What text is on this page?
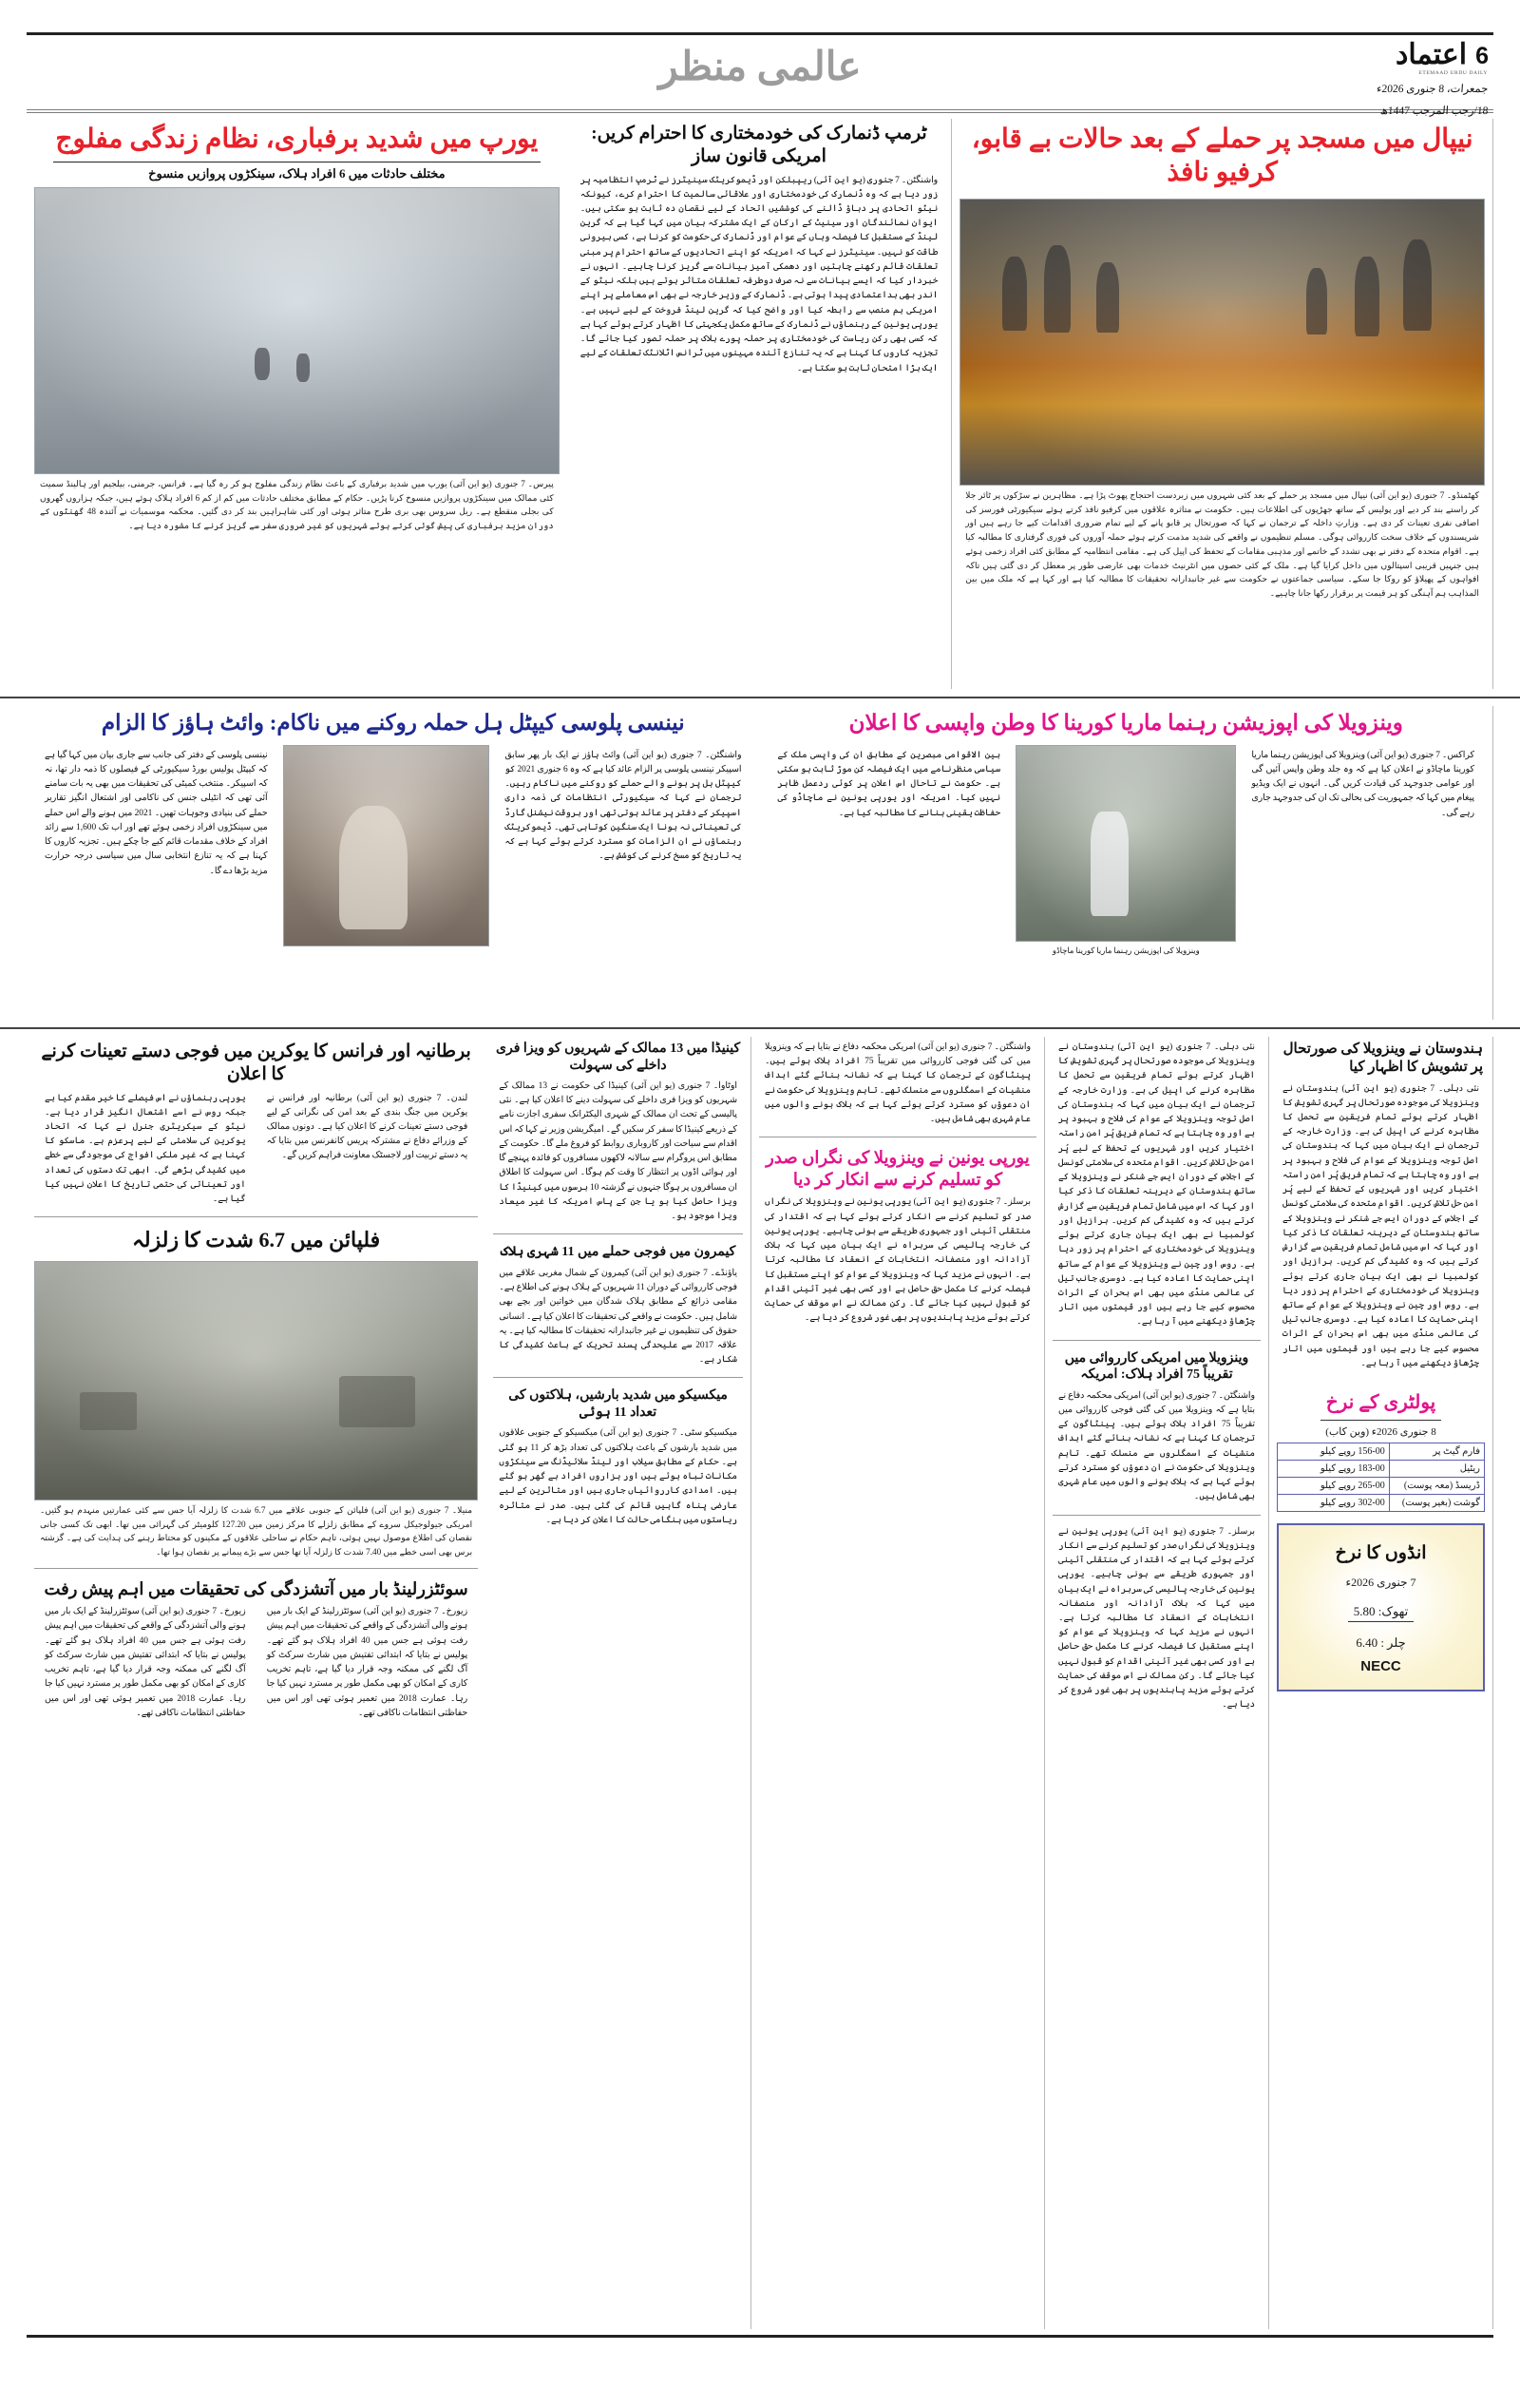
اعتماد 6
ETEMAAD URDU DAILY
جمعرات، 8 جنوری 2026ء
18/رجب المرجب 1447ھ
عالمی منظر
نیپال میں مسجد پر حملے کے بعد حالات بے قابو، کرفیو نافذ
کھٹمنڈو۔ 7 جنوری (یو این آئی) نیپال میں مسجد پر حملے کے بعد کئی شہروں میں زبردست احتجاج پھوٹ پڑا ہے۔ مظاہرین نے سڑکوں پر ٹائر جلا کر راستے بند کر دیے اور پولیس کے ساتھ جھڑپوں کی اطلاعات ہیں۔ حکومت نے متاثرہ علاقوں میں کرفیو نافذ کرتے ہوئے سیکیورٹی فورسز کی اضافی نفری تعینات کر دی ہے۔ وزارتِ داخلہ کے ترجمان نے کہا کہ صورتحال پر قابو پانے کے لیے تمام ضروری اقدامات کیے جا رہے ہیں اور شرپسندوں کے خلاف سخت کارروائی ہوگی۔ مسلم تنظیموں نے واقعے کی شدید مذمت کرتے ہوئے حملہ آوروں کی فوری گرفتاری کا مطالبہ کیا ہے۔ اقوام متحدہ کے دفتر نے بھی تشدد کے خاتمے اور مذہبی مقامات کے تحفظ کی اپیل کی ہے۔ مقامی انتظامیہ کے مطابق کئی افراد زخمی ہوئے ہیں جنہیں قریبی اسپتالوں میں داخل کرایا گیا ہے۔ ملک کے کئی حصوں میں انٹرنیٹ خدمات بھی عارضی طور پر معطل کر دی گئی ہیں تاکہ افواہوں کے پھیلاؤ کو روکا جا سکے۔ سیاسی جماعتوں نے حکومت سے غیر جانبدارانہ تحقیقات کا مطالبہ کیا ہے اور کہا ہے کہ ملک میں بین المذاہب ہم آہنگی کو ہر قیمت پر برقرار رکھا جانا چاہیے۔
ٹرمپ ڈنمارک کی خودمختاری کا احترام کریں: امریکی قانون ساز
واشنگٹن۔ 7 جنوری (یو این آئی) ریپبلکن اور ڈیموکریٹک سینیٹرز نے ٹرمپ انتظامیہ پر زور دیا ہے کہ وہ ڈنمارک کی خودمختاری اور علاقائی سالمیت کا احترام کرے، کیونکہ نیٹو اتحادی پر دباؤ ڈالنے کی کوششیں اتحاد کے لیے نقصان دہ ثابت ہو سکتی ہیں۔ ایوانِ نمائندگان اور سینیٹ کے ارکان کے ایک مشترکہ بیان میں کہا گیا ہے کہ گرین لینڈ کے مستقبل کا فیصلہ وہاں کے عوام اور ڈنمارک کی حکومت کو کرنا ہے، کسی بیرونی طاقت کو نہیں۔ سینیٹرز نے کہا کہ امریکہ کو اپنے اتحادیوں کے ساتھ احترام پر مبنی تعلقات قائم رکھنے چاہئیں اور دھمکی آمیز بیانات سے گریز کرنا چاہیے۔ انہوں نے خبردار کیا کہ ایسے بیانات سے نہ صرف دوطرفہ تعلقات متاثر ہوتے ہیں بلکہ نیٹو کے اندر بھی بداعتمادی پیدا ہوتی ہے۔ ڈنمارک کے وزیر خارجہ نے بھی اس معاملے پر اپنے امریکی ہم منصب سے رابطہ کیا اور واضح کیا کہ گرین لینڈ فروخت کے لیے نہیں ہے۔ یورپی یونین کے رہنماؤں نے ڈنمارک کے ساتھ مکمل یکجہتی کا اظہار کرتے ہوئے کہا ہے کہ کسی بھی رکن ریاست کی خودمختاری پر حملہ پورے بلاک پر حملہ تصور کیا جائے گا۔ تجزیہ کاروں کا کہنا ہے کہ یہ تنازع آئندہ مہینوں میں ٹرانس اٹلانٹک تعلقات کے لیے ایک بڑا امتحان ثابت ہو سکتا ہے۔
یورپ میں شدید برفباری، نظام زندگی مفلوج
مختلف حادثات میں 6 افراد ہلاک، سینکڑوں پروازیں منسوخ
پیرس۔ 7 جنوری (یو این آئی) یورپ میں شدید برفباری کے باعث نظام زندگی مفلوج ہو کر رہ گیا ہے۔ فرانس، جرمنی، بیلجیم اور ہالینڈ سمیت کئی ممالک میں سینکڑوں پروازیں منسوخ کرنا پڑیں۔ حکام کے مطابق مختلف حادثات میں کم از کم 6 افراد ہلاک ہوئے ہیں، جبکہ ہزاروں گھروں کی بجلی منقطع ہے۔ ریل سروس بھی بری طرح متاثر ہوئی اور کئی شاہراہیں بند کر دی گئیں۔ محکمہ موسمیات نے آئندہ 48 گھنٹوں کے دوران مزید برفباری کی پیش گوئی کرتے ہوئے شہریوں کو غیر ضروری سفر سے گریز کرنے کا مشورہ دیا ہے۔
وینزویلا کی اپوزیشن رہنما ماریا کورینا کا وطن واپسی کا اعلان
کراکس۔ 7 جنوری (یو این آئی) وینزویلا کی اپوزیشن رہنما ماریا کورینا ماچاڈو نے اعلان کیا ہے کہ وہ جلد وطن واپس آئیں گی اور عوامی جدوجہد کی قیادت کریں گی۔ انہوں نے ایک ویڈیو پیغام میں کہا کہ جمہوریت کی بحالی تک ان کی جدوجہد جاری رہے گی۔
وینزویلا کی اپوزیشن رہنما ماریا کورینا ماچاڈو
بین الاقوامی مبصرین کے مطابق ان کی واپسی ملک کے سیاسی منظرنامے میں ایک فیصلہ کن موڑ ثابت ہو سکتی ہے۔ حکومت نے تاحال اس اعلان پر کوئی ردعمل ظاہر نہیں کیا۔ امریکہ اور یورپی یونین نے ماچاڈو کی حفاظت یقینی بنانے کا مطالبہ کیا ہے۔
نینسی پلوسی کیپٹل ہل حملہ روکنے میں ناکام: وائٹ ہاؤز کا الزام
واشنگٹن۔ 7 جنوری (یو این آئی) وائٹ ہاؤز نے ایک بار پھر سابق اسپیکر نینسی پلوسی پر الزام عائد کیا ہے کہ وہ 6 جنوری 2021 کو کیپٹل ہل پر ہونے والے حملے کو روکنے میں ناکام رہیں۔ ترجمان نے کہا کہ سیکیورٹی انتظامات کی ذمہ داری اسپیکر کے دفتر پر عائد ہوتی تھی اور بروقت نیشنل گارڈ کی تعیناتی نہ ہونا ایک سنگین کوتاہی تھی۔ ڈیموکریٹک رہنماؤں نے ان الزامات کو مسترد کرتے ہوئے کہا ہے کہ یہ تاریخ کو مسخ کرنے کی کوشش ہے۔
نینسی پلوسی کے دفتر کی جانب سے جاری بیان میں کہا گیا ہے کہ کیپٹل پولیس بورڈ سیکیورٹی کے فیصلوں کا ذمہ دار تھا، نہ کہ اسپیکر۔ منتخب کمیٹی کی تحقیقات میں بھی یہ بات سامنے آئی تھی کہ انٹیلی جنس کی ناکامی اور اشتعال انگیز تقاریر حملے کی بنیادی وجوہات تھیں۔ 2021 میں ہونے والے اس حملے میں سینکڑوں افراد زخمی ہوئے تھے اور اب تک 1,600 سے زائد افراد کے خلاف مقدمات قائم کیے جا چکے ہیں۔ تجزیہ کاروں کا کہنا ہے کہ یہ تنازع انتخابی سال میں سیاسی درجہ حرارت مزید بڑھا دے گا۔
ہندوستان نے وینزویلا کی صورتحال پر تشویش کا اظہار کیا
نئی دہلی۔ 7 جنوری (یو این آئی) ہندوستان نے وینزویلا کی موجودہ صورتحال پر گہری تشویش کا اظہار کرتے ہوئے تمام فریقین سے تحمل کا مظاہرہ کرنے کی اپیل کی ہے۔ وزارت خارجہ کے ترجمان نے ایک بیان میں کہا کہ ہندوستان کی اصل توجہ وینزویلا کے عوام کی فلاح و بہبود پر ہے اور وہ چاہتا ہے کہ تمام فریق پُر امن راستہ اختیار کریں اور شہریوں کے تحفظ کے لیے پُر امن حل تلاش کریں۔ اقوام متحدہ کی سلامتی کونسل کے اجلاس کے دوران ایس جے شنکر نے وینزویلا کے ساتھ ہندوستان کے دیرینہ تعلقات کا ذکر کیا اور کہا کہ اس میں شامل تمام فریقین سے گزارش کرتے ہیں کہ وہ کشیدگی کم کریں۔ برازیل اور کولمبیا نے بھی ایک بیان جاری کرتے ہوئے وینزویلا کی خودمختاری کے احترام پر زور دیا ہے۔ روس اور چین نے وینزویلا کے عوام کے ساتھ اپنی حمایت کا اعادہ کیا ہے۔ دوسری جانب تیل کی عالمی منڈی میں بھی اس بحران کے اثرات محسوس کیے جا رہے ہیں اور قیمتوں میں اتار چڑھاؤ دیکھنے میں آ رہا ہے۔
پولٹری کے نرخ
8 جنوری 2026ء (وین کاب)
فارم گیٹ پر	156-00 روپے کیلو
ریٹیل	183-00 روپے کیلو
ڈریسڈ (معہ پوست)	265-00 روپے کیلو
گوشت (بغیر پوست)	302-00 روپے کیلو
انڈوں کا نرخ
7 جنوری 2026ء
تھوک: 5.80
چلر : 6.40
NECC
نئی دہلی۔ 7 جنوری (یو این آئی) ہندوستان نے وینزویلا کی موجودہ صورتحال پر گہری تشویش کا اظہار کرتے ہوئے تمام فریقین سے تحمل کا مظاہرہ کرنے کی اپیل کی ہے۔ وزارت خارجہ کے ترجمان نے ایک بیان میں کہا کہ ہندوستان کی اصل توجہ وینزویلا کے عوام کی فلاح و بہبود پر ہے اور وہ چاہتا ہے کہ تمام فریق پُر امن راستہ اختیار کریں اور شہریوں کے تحفظ کے لیے پُر امن حل تلاش کریں۔ اقوام متحدہ کی سلامتی کونسل کے اجلاس کے دوران ایس جے شنکر نے وینزویلا کے ساتھ ہندوستان کے دیرینہ تعلقات کا ذکر کیا اور کہا کہ اس میں شامل تمام فریقین سے گزارش کرتے ہیں کہ وہ کشیدگی کم کریں۔ برازیل اور کولمبیا نے بھی ایک بیان جاری کرتے ہوئے وینزویلا کی خودمختاری کے احترام پر زور دیا ہے۔ روس اور چین نے وینزویلا کے عوام کے ساتھ اپنی حمایت کا اعادہ کیا ہے۔ دوسری جانب تیل کی عالمی منڈی میں بھی اس بحران کے اثرات محسوس کیے جا رہے ہیں اور قیمتوں میں اتار چڑھاؤ دیکھنے میں آ رہا ہے۔
وینزویلا میں امریکی کارروائی میں تقریباً 75 افراد ہلاک: امریکہ
واشنگٹن۔ 7 جنوری (یو این آئی) امریکی محکمہ دفاع نے بتایا ہے کہ وینزویلا میں کی گئی فوجی کارروائی میں تقریباً 75 افراد ہلاک ہوئے ہیں۔ پینٹاگون کے ترجمان کا کہنا ہے کہ نشانہ بنائے گئے اہداف منشیات کے اسمگلروں سے منسلک تھے۔ تاہم وینزویلا کی حکومت نے ان دعوؤں کو مسترد کرتے ہوئے کہا ہے کہ ہلاک ہونے والوں میں عام شہری بھی شامل ہیں۔
برسلز۔ 7 جنوری (یو این آئی) یورپی یونین نے وینزویلا کی نگراں صدر کو تسلیم کرنے سے انکار کرتے ہوئے کہا ہے کہ اقتدار کی منتقلی آئینی اور جمہوری طریقے سے ہونی چاہیے۔ یورپی یونین کی خارجہ پالیسی کی سربراہ نے ایک بیان میں کہا کہ بلاک آزادانہ اور منصفانہ انتخابات کے انعقاد کا مطالبہ کرتا ہے۔ انہوں نے مزید کہا کہ وینزویلا کے عوام کو اپنے مستقبل کا فیصلہ کرنے کا مکمل حق حاصل ہے اور کسی بھی غیر آئینی اقدام کو قبول نہیں کیا جائے گا۔ رکن ممالک نے اس موقف کی حمایت کرتے ہوئے مزید پابندیوں پر بھی غور شروع کر دیا ہے۔
واشنگٹن۔ 7 جنوری (یو این آئی) امریکی محکمہ دفاع نے بتایا ہے کہ وینزویلا میں کی گئی فوجی کارروائی میں تقریباً 75 افراد ہلاک ہوئے ہیں۔ پینٹاگون کے ترجمان کا کہنا ہے کہ نشانہ بنائے گئے اہداف منشیات کے اسمگلروں سے منسلک تھے۔ تاہم وینزویلا کی حکومت نے ان دعوؤں کو مسترد کرتے ہوئے کہا ہے کہ ہلاک ہونے والوں میں عام شہری بھی شامل ہیں۔
یورپی یونین نے وینزویلا کی نگراں صدر کو تسلیم کرنے سے انکار کر دیا
برسلز۔ 7 جنوری (یو این آئی) یورپی یونین نے وینزویلا کی نگراں صدر کو تسلیم کرنے سے انکار کرتے ہوئے کہا ہے کہ اقتدار کی منتقلی آئینی اور جمہوری طریقے سے ہونی چاہیے۔ یورپی یونین کی خارجہ پالیسی کی سربراہ نے ایک بیان میں کہا کہ بلاک آزادانہ اور منصفانہ انتخابات کے انعقاد کا مطالبہ کرتا ہے۔ انہوں نے مزید کہا کہ وینزویلا کے عوام کو اپنے مستقبل کا فیصلہ کرنے کا مکمل حق حاصل ہے اور کسی بھی غیر آئینی اقدام کو قبول نہیں کیا جائے گا۔ رکن ممالک نے اس موقف کی حمایت کرتے ہوئے مزید پابندیوں پر بھی غور شروع کر دیا ہے۔
کینیڈا میں 13 ممالک کے شہریوں کو ویزا فری داخلے کی سہولت
اوٹاوا۔ 7 جنوری (یو این آئی) کینیڈا کی حکومت نے 13 ممالک کے شہریوں کو ویزا فری داخلے کی سہولت دینے کا اعلان کیا ہے۔ نئی پالیسی کے تحت ان ممالک کے شہری الیکٹرانک سفری اجازت نامے کے ذریعے کینیڈا کا سفر کر سکیں گے۔ امیگریشن وزیر نے کہا کہ اس اقدام سے سیاحت اور کاروباری روابط کو فروغ ملے گا۔ حکومت کے مطابق اس پروگرام سے سالانہ لاکھوں مسافروں کو فائدہ پہنچے گا اور ہوائی اڈوں پر انتظار کا وقت کم ہوگا۔ اس سہولت کا اطلاق ان مسافروں پر ہوگا جنہوں نے گزشتہ 10 برسوں میں کینیڈا کا ویزا حاصل کیا ہو یا جن کے پاس امریکہ کا غیر میعاد ویزا موجود ہو۔
کیمرون میں فوجی حملے میں 11 شہری ہلاک
یاؤنڈے۔ 7 جنوری (یو این آئی) کیمرون کے شمال مغربی علاقے میں فوجی کارروائی کے دوران 11 شہریوں کے ہلاک ہونے کی اطلاع ہے۔ مقامی ذرائع کے مطابق ہلاک شدگان میں خواتین اور بچے بھی شامل ہیں۔ حکومت نے واقعے کی تحقیقات کا اعلان کیا ہے۔ انسانی حقوق کی تنظیموں نے غیر جانبدارانہ تحقیقات کا مطالبہ کیا ہے۔ یہ علاقہ 2017 سے علیحدگی پسند تحریک کے باعث کشیدگی کا شکار ہے۔
میکسیکو میں شدید بارشیں، ہلاکتوں کی تعداد 11 ہوئی
میکسیکو سٹی۔ 7 جنوری (یو این آئی) میکسیکو کے جنوبی علاقوں میں شدید بارشوں کے باعث ہلاکتوں کی تعداد بڑھ کر 11 ہو گئی ہے۔ حکام کے مطابق سیلاب اور لینڈ سلائیڈنگ سے سینکڑوں مکانات تباہ ہوئے ہیں اور ہزاروں افراد بے گھر ہو گئے ہیں۔ امدادی کارروائیاں جاری ہیں اور متاثرین کے لیے عارضی پناہ گاہیں قائم کی گئی ہیں۔ صدر نے متاثرہ ریاستوں میں ہنگامی حالت کا اعلان کر دیا ہے۔
برطانیہ اور فرانس کا یوکرین میں فوجی دستے تعینات کرنے کا اعلان
لندن۔ 7 جنوری (یو این آئی) برطانیہ اور فرانس نے یوکرین میں جنگ بندی کے بعد امن کی نگرانی کے لیے فوجی دستے تعینات کرنے کا اعلان کیا ہے۔ دونوں ممالک کے وزرائے دفاع نے مشترکہ پریس کانفرنس میں بتایا کہ یہ دستے تربیت اور لاجسٹک معاونت فراہم کریں گے۔
یورپی رہنماؤں نے اس فیصلے کا خیر مقدم کیا ہے جبکہ روس نے اسے اشتعال انگیز قرار دیا ہے۔ نیٹو کے سیکریٹری جنرل نے کہا کہ اتحاد یوکرین کی سلامتی کے لیے پرعزم ہے۔ ماسکو کا کہنا ہے کہ غیر ملکی افواج کی موجودگی سے خطے میں کشیدگی بڑھے گی۔ ابھی تک دستوں کی تعداد اور تعیناتی کی حتمی تاریخ کا اعلان نہیں کیا گیا ہے۔
فلپائن میں 6.7 شدت کا زلزلہ
منیلا۔ 7 جنوری (یو این آئی) فلپائن کے جنوبی علاقے میں 6.7 شدت کا زلزلہ آیا جس سے کئی عمارتیں منہدم ہو گئیں۔ امریکی جیولوجیکل سروے کے مطابق زلزلے کا مرکز زمین میں 127.20 کلومیٹر کی گہرائی میں تھا۔ ابھی تک کسی جانی نقصان کی اطلاع موصول نہیں ہوئی، تاہم حکام نے ساحلی علاقوں کے مکینوں کو محتاط رہنے کی ہدایت کی ہے۔ گزشتہ برس بھی اسی خطے میں 7.40 شدت کا زلزلہ آیا تھا جس سے بڑے پیمانے پر نقصان ہوا تھا۔
سوئٹزرلینڈ بار میں آتشزدگی کی تحقیقات میں اہم پیش رفت
زیورخ۔ 7 جنوری (یو این آئی) سوئٹزرلینڈ کے ایک بار میں ہونے والی آتشزدگی کے واقعے کی تحقیقات میں اہم پیش رفت ہوئی ہے جس میں 40 افراد ہلاک ہو گئے تھے۔ پولیس نے بتایا کہ ابتدائی تفتیش میں شارٹ سرکٹ کو آگ لگنے کی ممکنہ وجہ قرار دیا گیا ہے، تاہم تخریب کاری کے امکان کو بھی مکمل طور پر مسترد نہیں کیا جا رہا۔ عمارت 2018 میں تعمیر ہوئی تھی اور اس میں حفاظتی انتظامات ناکافی تھے۔
زیورخ۔ 7 جنوری (یو این آئی) سوئٹزرلینڈ کے ایک بار میں ہونے والی آتشزدگی کے واقعے کی تحقیقات میں اہم پیش رفت ہوئی ہے جس میں 40 افراد ہلاک ہو گئے تھے۔ پولیس نے بتایا کہ ابتدائی تفتیش میں شارٹ سرکٹ کو آگ لگنے کی ممکنہ وجہ قرار دیا گیا ہے، تاہم تخریب کاری کے امکان کو بھی مکمل طور پر مسترد نہیں کیا جا رہا۔ عمارت 2018 میں تعمیر ہوئی تھی اور اس میں حفاظتی انتظامات ناکافی تھے۔
